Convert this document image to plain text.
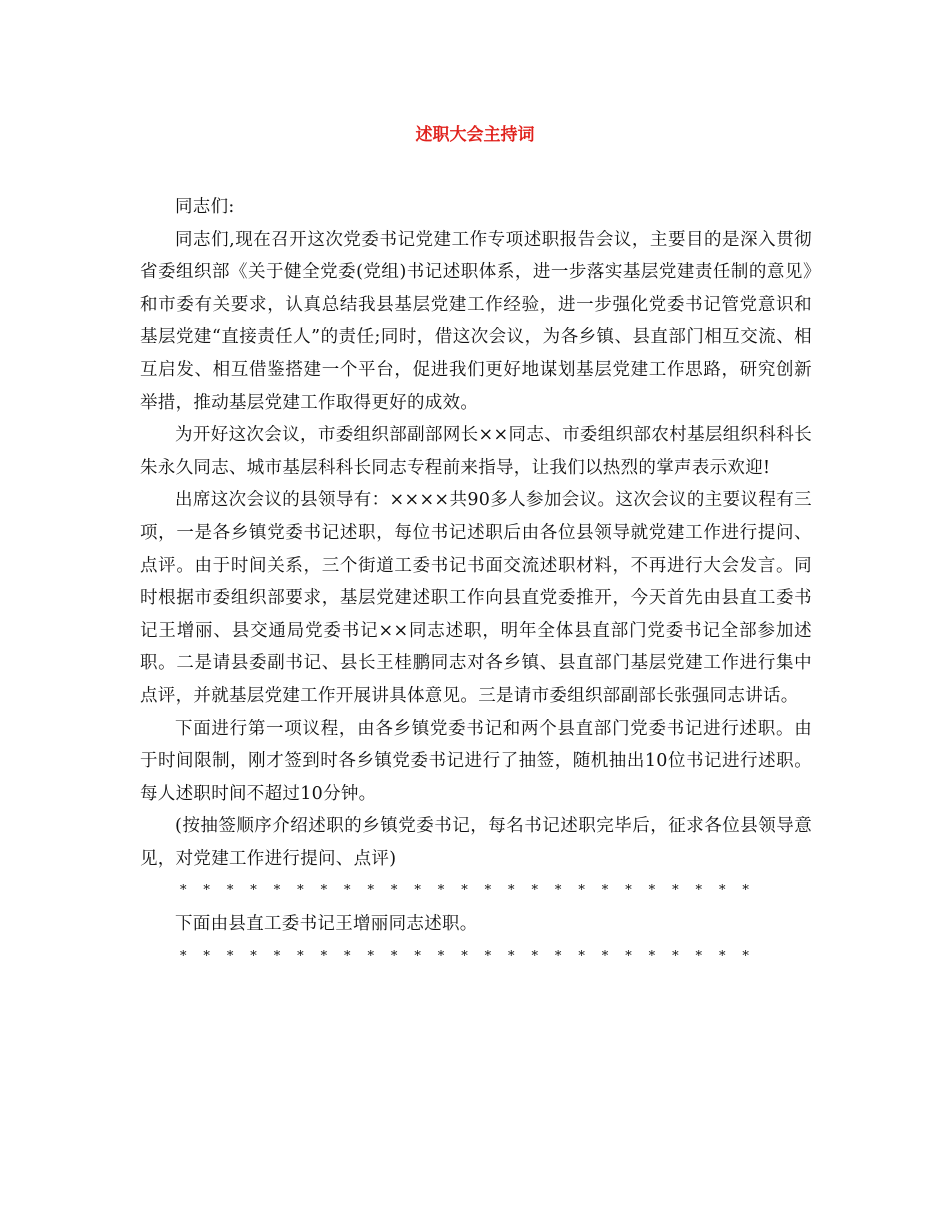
述职大会主持词

同志们:

同志们,现在召开这次党委书记党建工作专项述职报告会议，主要目的是深入贯彻省委组织部《关于健全党委(党组)书记述职体系，进一步落实基层党建责任制的意见》和市委有关要求，认真总结我县基层党建工作经验，进一步强化党委书记管党意识和基层党建“直接责任人”的责任;同时，借这次会议，为各乡镇、县直部门相互交流、相互启发、相互借鉴搭建一个平台，促进我们更好地谋划基层党建工作思路，研究创新举措，推动基层党建工作取得更好的成效。

为开好这次会议，市委组织部副部网长××同志、市委组织部农村基层组织科科长朱永久同志、城市基层科科长同志专程前来指导，让我们以热烈的掌声表示欢迎!

出席这次会议的县领导有：××××共90多人参加会议。这次会议的主要议程有三项，一是各乡镇党委书记述职，每位书记述职后由各位县领导就党建工作进行提问、点评。由于时间关系，三个街道工委书记书面交流述职材料，不再进行大会发言。同时根据市委组织部要求，基层党建述职工作向县直党委推开，今天首先由县直工委书记王增丽、县交通局党委书记××同志述职，明年全体县直部门党委书记全部参加述职。二是请县委副书记、县长王桂鹏同志对各乡镇、县直部门基层党建工作进行集中点评，并就基层党建工作开展讲具体意见。三是请市委组织部副部长张强同志讲话。

下面进行第一项议程，由各乡镇党委书记和两个县直部门党委书记进行述职。由于时间限制，刚才签到时各乡镇党委书记进行了抽签，随机抽出10位书记进行述职。每人述职时间不超过10分钟。

(按抽签顺序介绍述职的乡镇党委书记，每名书记述职完毕后，征求各位县领导意见，对党建工作进行提问、点评)

* * * * * * * * * * * * * * * * * * * * * * * * *

下面由县直工委书记王增丽同志述职。

* * * * * * * * * * * * * * * * * * * * * * * * *
